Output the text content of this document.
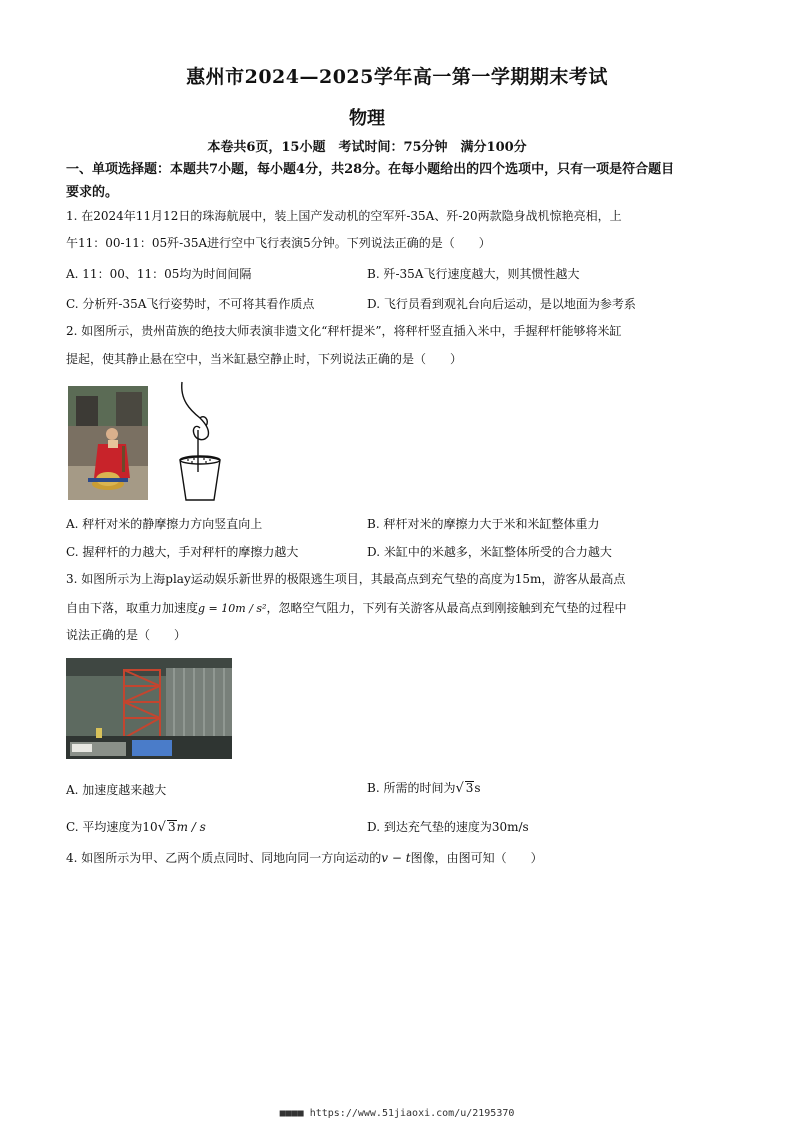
惠州市2024—2025学年高一第一学期期末考试
物理
本卷共6页，15小题　考试时间：75分钟　满分100分
一、单项选择题：本题共7小题，每小题4分，共28分。在每小题给出的四个选项中，只有一项是符合题目要求的。
1. 在2024年11月12日的珠海航展中，装上国产发动机的空军歼-35A、歼-20两款隐身战机惊艳亮相，上
午11：00-11：05歼-35A进行空中飞行表演5分钟。下列说法正确的是（　　）
A. 11：00、11：05均为时间间隔	B. 歼-35A飞行速度越大，则其惯性越大
C. 分析歼-35A飞行姿势时，不可将其看作质点	D. 飞行员看到观礼台向后运动，是以地面为参考系
2. 如图所示，贵州苗族的绝技大师表演非遗文化“秤杆提米”，将秤杆竖直插入米中，手握秤杆能够将米缸
提起，使其静止悬在空中，当米缸悬空静止时，下列说法正确的是（　　）
A. 秤杆对米的静摩擦力方向竖直向上	B. 秤杆对米的摩擦力大于米和米缸整体重力
C. 握秤杆的力越大，手对秤杆的摩擦力越大	D. 米缸中的米越多，米缸整体所受的合力越大
3. 如图所示为上海play运动娱乐新世界的极限逃生项目，其最高点到充气垫的高度为15m，游客从最高点
自由下落，取重力加速度g = 10m / s²，忽略空气阻力，下列有关游客从最高点到刚接触到充气垫的过程中
说法正确的是（　　）
A. 加速度越来越大	B. 所需的时间为√ 3s
C. 平均速度为10√ 3m / s	D. 到达充气垫的速度为30m/s
4. 如图所示为甲、乙两个质点同时、同地向同一方向运动的v − t图像，由图可知（　　）
■■■■ https://www.51jiaoxi.com/u/2195370
